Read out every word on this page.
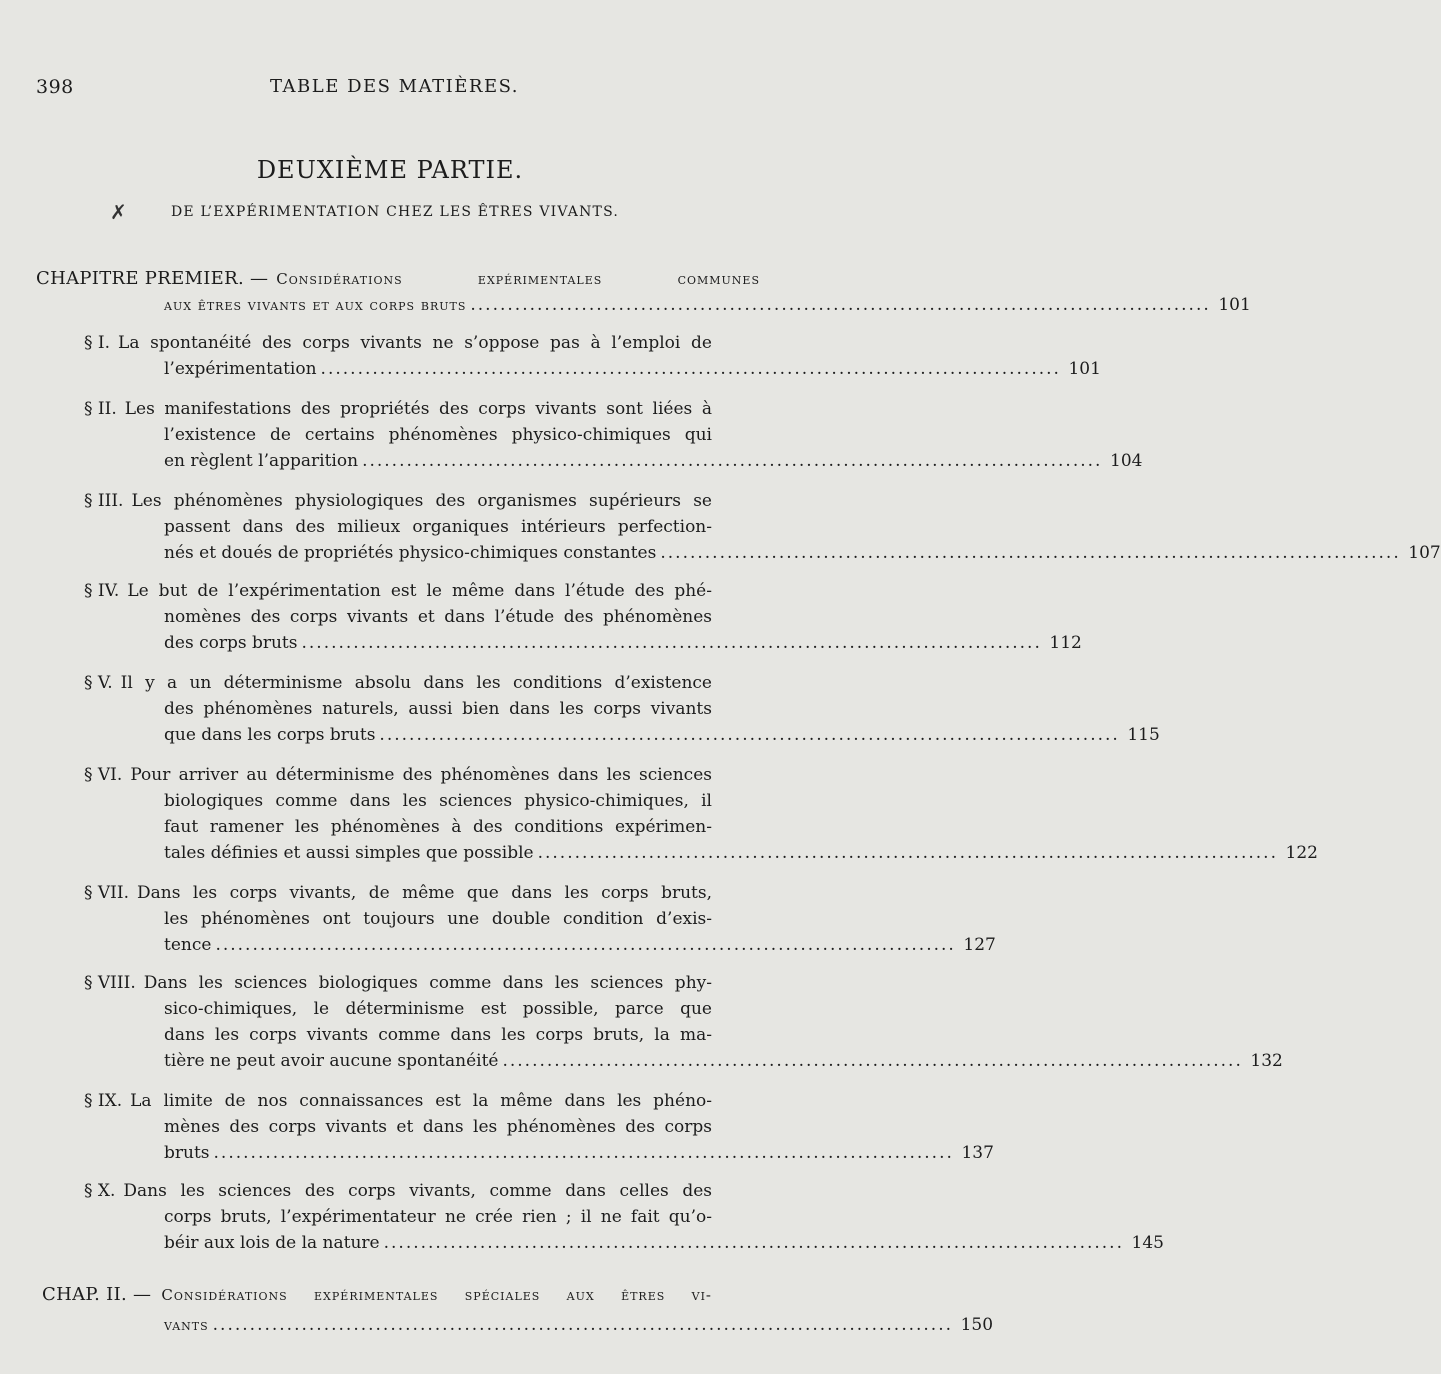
398	TABLE DES MATIÈRES.
DEUXIÈME PARTIE.
✗	DE L’EXPÉRIMENTATION CHEZ LES ÊTRES VIVANTS.
CHAPITRE PREMIER. — Considérations expérimentales communes
aux êtres vivants et aux corps bruts .................................................................................................... 101
§ I. La spontanéité des corps vivants ne s’oppose pas à l’emploi de
l’expérimentation .................................................................................................... 101
§ II. Les manifestations des propriétés des corps vivants sont liées à
l’existence de certains phénomènes physico-chimiques qui
en règlent l’apparition .................................................................................................... 104
§ III. Les phénomènes physiologiques des organismes supérieurs se
passent dans des milieux organiques intérieurs perfection-
nés et doués de propriétés physico-chimiques constantes .................................................................................................... 107
§ IV. Le but de l’expérimentation est le même dans l’étude des phé-
nomènes des corps vivants et dans l’étude des phénomènes
des corps bruts .................................................................................................... 112
§ V. Il y a un déterminisme absolu dans les conditions d’existence
des phénomènes naturels, aussi bien dans les corps vivants
que dans les corps bruts .................................................................................................... 115
§ VI. Pour arriver au déterminisme des phénomènes dans les sciences
biologiques comme dans les sciences physico-chimiques, il
faut ramener les phénomènes à des conditions expérimen-
tales définies et aussi simples que possible .................................................................................................... 122
§ VII. Dans les corps vivants, de même que dans les corps bruts,
les phénomènes ont toujours une double condition d’exis-
tence .................................................................................................... 127
§ VIII. Dans les sciences biologiques comme dans les sciences phy-
sico-chimiques, le déterminisme est possible, parce que
dans les corps vivants comme dans les corps bruts, la ma-
tière ne peut avoir aucune spontanéité .................................................................................................... 132
§ IX. La limite de nos connaissances est la même dans les phéno-
mènes des corps vivants et dans les phénomènes des corps
bruts .................................................................................................... 137
§ X. Dans les sciences des corps vivants, comme dans celles des
corps bruts, l’expérimentateur ne crée rien ; il ne fait qu’o-
béir aux lois de la nature .................................................................................................... 145
CHAP. II. — Considérations expérimentales spéciales aux êtres vi-
vants .................................................................................................... 150
